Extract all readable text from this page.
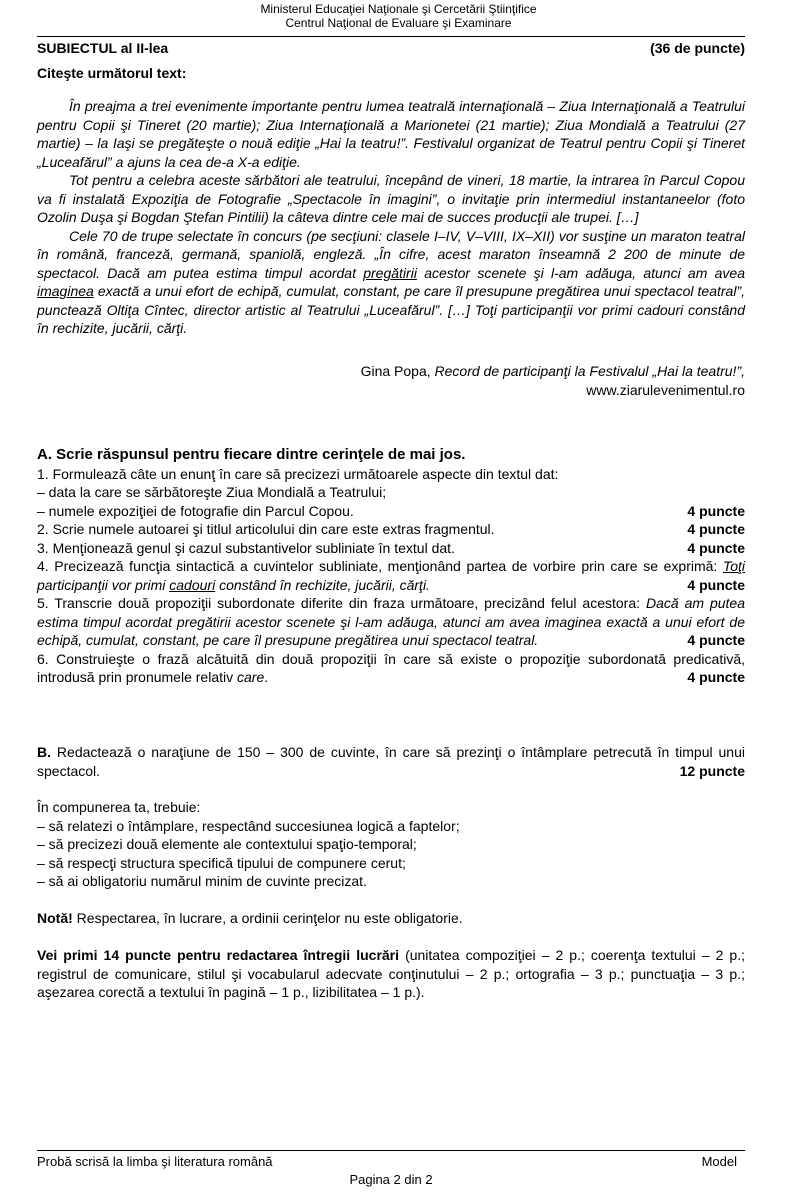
Ministerul Educaţiei Naţionale şi Cercetării Ştiinţifice
Centrul Naţional de Evaluare şi Examinare
SUBIECTUL al II-lea	(36 de puncte)
Citeşte următorul text:
În preajma a trei evenimente importante pentru lumea teatrală internaţională – Ziua Internaţională a Teatrului pentru Copii şi Tineret (20 martie); Ziua Internaţională a Marionetei (21 martie); Ziua Mondială a Teatrului (27 martie) – la Iaşi se pregăteşte o nouă ediţie „Hai la teatru!”. Festivalul organizat de Teatrul pentru Copii şi Tineret „Luceafărul” a ajuns la cea de-a X-a ediţie.
Tot pentru a celebra aceste sărbători ale teatrului, începând de vineri, 18 martie, la intrarea în Parcul Copou va fi instalată Expoziţia de Fotografie „Spectacole în imagini”, o invitaţie prin intermediul instantaneelor (foto Ozolin Duşa şi Bogdan Ştefan Pintilii) la câteva dintre cele mai de succes producţii ale trupei. […]
Cele 70 de trupe selectate în concurs (pe secţiuni: clasele I–IV, V–VIII, IX–XII) vor susţine un maraton teatral în română, franceză, germană, spaniolă, engleză. „În cifre, acest maraton înseamnă 2 200 de minute de spectacol. Dacă am putea estima timpul acordat pregătirii acestor scenete şi l-am adăuga, atunci am avea imaginea exactă a unui efort de echipă, cumulat, constant, pe care îl presupune pregătirea unui spectacol teatral”, punctează Oltiţa Cîntec, director artistic al Teatrului „Luceafărul”. […] Toţi participanţii vor primi cadouri constând în rechizite, jucării, cărţi.
Gina Popa, Record de participanţi la Festivalul „Hai la teatru!”,
www.ziarulevenimentul.ro
A. Scrie răspunsul pentru fiecare dintre cerinţele de mai jos.
1. Formulează câte un enunţ în care să precizezi următoarele aspecte din textul dat:
– data la care se sărbătoreşte Ziua Mondială a Teatrului;
– numele expoziţiei de fotografie din Parcul Copou.	4 puncte
2. Scrie numele autoarei şi titlul articolului din care este extras fragmentul.	4 puncte
3. Menţionează genul şi cazul substantivelor subliniate în textul dat.	4 puncte
4. Precizează funcţia sintactică a cuvintelor subliniate, menţionând partea de vorbire prin care se exprimă: Toţi participanţii vor primi cadouri constând în rechizite, jucării, cărţi.	4 puncte
5. Transcrie două propoziţii subordonate diferite din fraza următoare, precizând felul acestora: Dacă am putea estima timpul acordat pregătirii acestor scenete şi l-am adăuga, atunci am avea imaginea exactă a unui efort de echipă, cumulat, constant, pe care îl presupune pregătirea unui spectacol teatral.	4 puncte
6. Construieşte o frază alcătuită din două propoziţii în care să existe o propoziţie subordonată predicativă, introdusă prin pronumele relativ care.	4 puncte
B. Redactează o naraţiune de 150 – 300 de cuvinte, în care să prezinţi o întâmplare petrecută în timpul unui spectacol.	12 puncte
În compunerea ta, trebuie:
– să relatezi o întâmplare, respectând succesiunea logică a faptelor;
– să precizezi două elemente ale contextului spaţio-temporal;
– să respecţi structura specifică tipului de compunere cerut;
– să ai obligatoriu numărul minim de cuvinte precizat.
Notă! Respectarea, în lucrare, a ordinii cerinţelor nu este obligatorie.
Vei primi 14 puncte pentru redactarea întregii lucrări (unitatea compoziţiei – 2 p.; coerenţa textului – 2 p.; registrul de comunicare, stilul şi vocabularul adecvate conţinutului – 2 p.; ortografia – 3 p.; punctuaţia – 3 p.; aşezarea corectă a textului în pagină – 1 p., lizibilitatea – 1 p.).
Probă scrisă la limba şi literatura română	Model
Pagina 2 din 2
